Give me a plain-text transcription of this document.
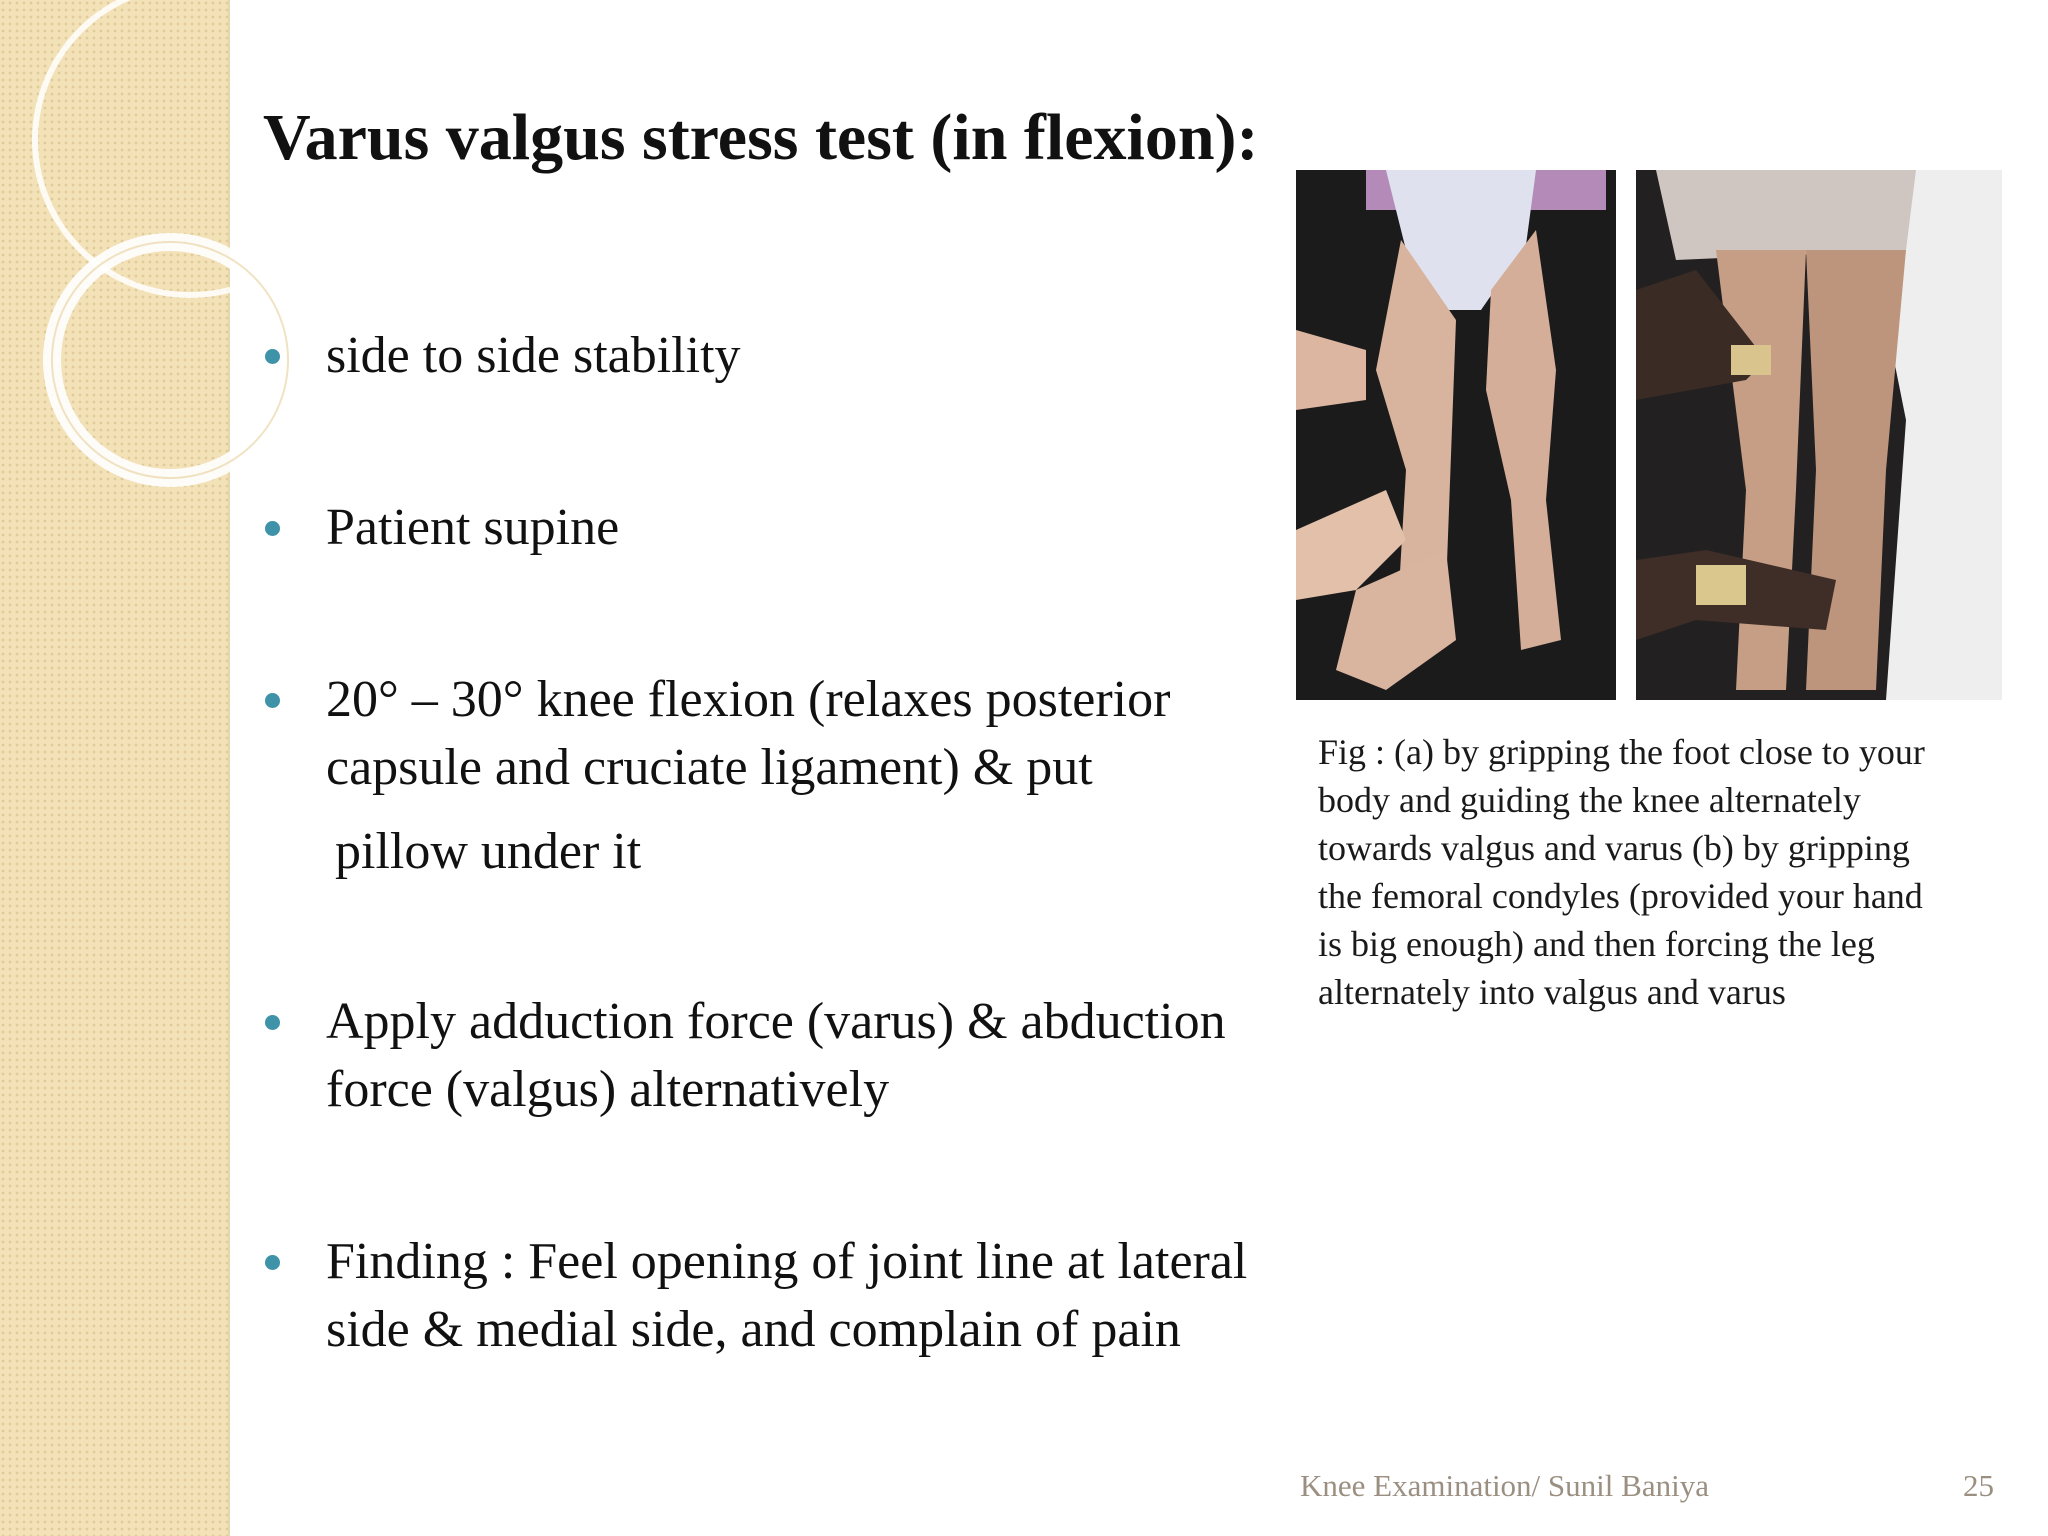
Varus valgus stress test (in flexion):
side to side stability
Patient supine
20° – 30° knee flexion (relaxes posterior
capsule and cruciate ligament) & put
pillow under it
Apply adduction force (varus) & abduction
force (valgus) alternatively
Finding : Feel opening of joint line at lateral
side & medial side, and complain of pain
Fig : (a) by gripping the foot close to your
body and guiding the knee alternately
towards valgus and varus (b) by gripping
the femoral condyles (provided your hand
is big enough) and then forcing the leg
alternately into valgus and varus
Knee Examination/ Sunil Baniya	25
